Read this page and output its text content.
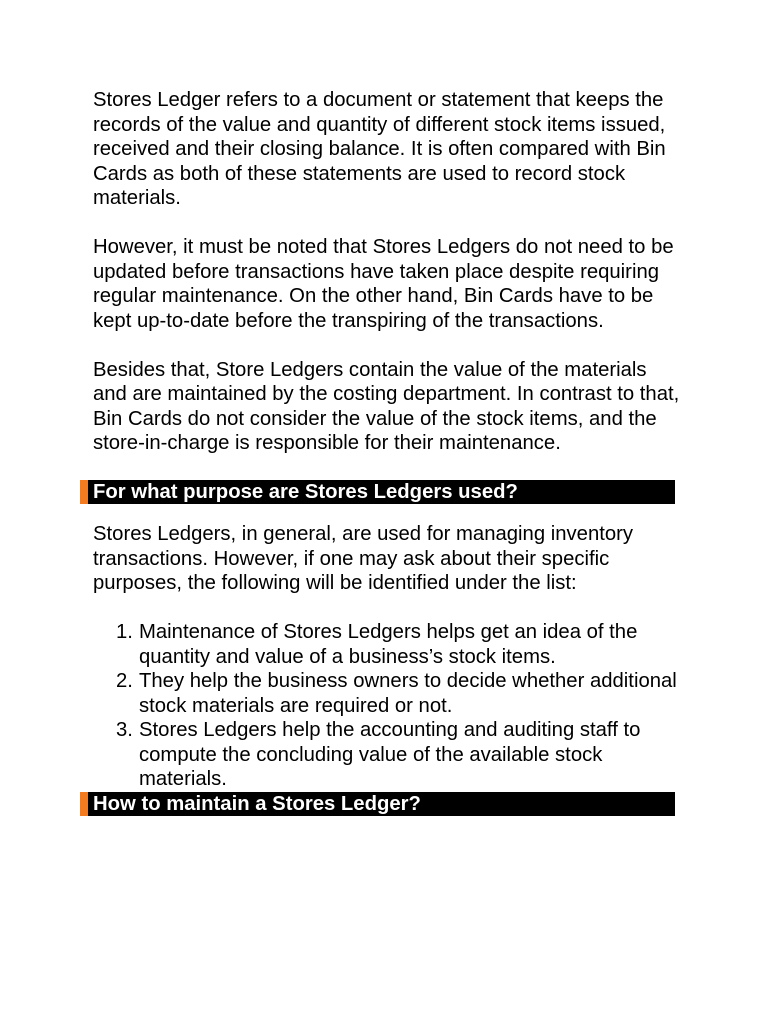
Stores Ledger refers to a document or statement that keeps the records of the value and quantity of different stock items issued, received and their closing balance. It is often compared with Bin Cards as both of these statements are used to record stock materials.

However, it must be noted that Stores Ledgers do not need to be updated before transactions have taken place despite requiring regular maintenance. On the other hand, Bin Cards have to be kept up-to-date before the transpiring of the transactions.

Besides that, Store Ledgers contain the value of the materials and are maintained by the costing department. In contrast to that, Bin Cards do not consider the value of the stock items, and the store-in-charge is responsible for their maintenance.

For what purpose are Stores Ledgers used?

Stores Ledgers, in general, are used for managing inventory transactions. However, if one may ask about their specific purposes, the following will be identified under the list:

1. Maintenance of Stores Ledgers helps get an idea of the quantity and value of a business’s stock items.
2. They help the business owners to decide whether additional stock materials are required or not.
3. Stores Ledgers help the accounting and auditing staff to compute the concluding value of the available stock materials.
How to maintain a Stores Ledger?
